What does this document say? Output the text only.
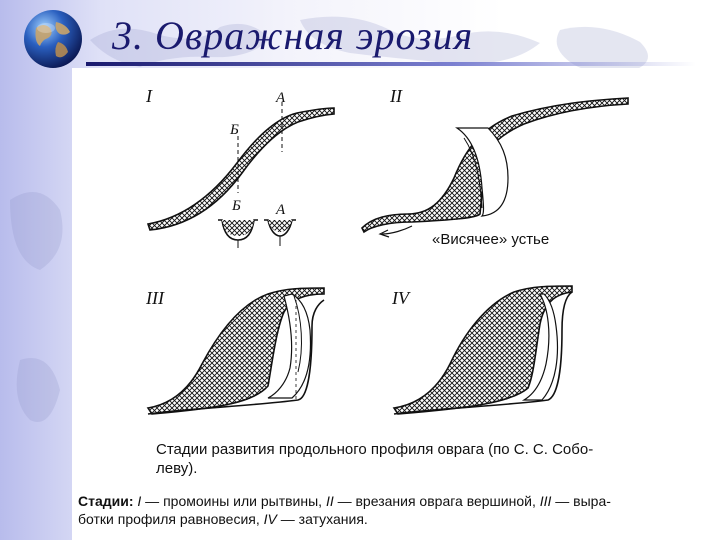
3. Овражная эрозия
I	А
Б
Б А
II
«Висячее» устье
III	IV

Стадии развития продольного профиля оврага (по С. С. Собо-
леву).

Стадии: I — промоины или рытвины, II — врезания оврага вершиной, III — выра-
ботки профиля равновесия, IV — затухания.
